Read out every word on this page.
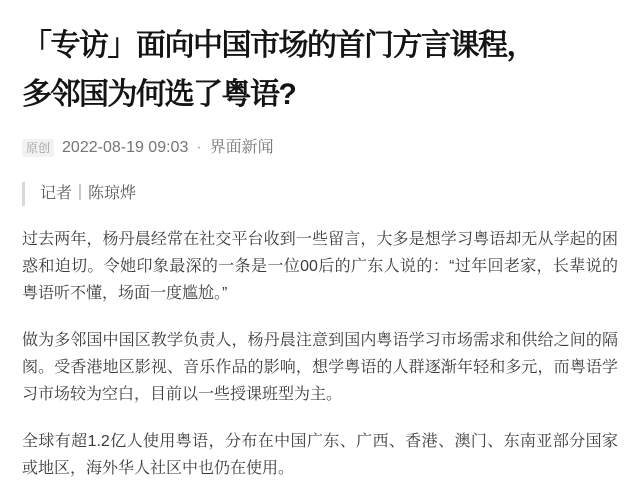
「专访」面向中国市场的首门方言课程，
多邻国为何选了粤语?
原创 2022-08-19 09:03 · 界面新闻
记者｜陈琼烨

过去两年，杨丹晨经常在社交平台收到一些留言，大多是想学习粤语却无从学起的困惑和迫切。令她印象最深的一条是一位00后的广东人说的：“过年回老家，长辈说的粤语听不懂，场面一度尴尬。”

做为多邻国中国区教学负责人，杨丹晨注意到国内粤语学习市场需求和供给之间的隔阂。受香港地区影视、音乐作品的影响，想学粤语的人群逐渐年轻和多元，而粤语学习市场较为空白，目前以一些授课班型为主。

全球有超1.2亿人使用粤语，分布在中国广东、广西、香港、澳门、东南亚部分国家或地区，海外华人社区中也仍在使用。
